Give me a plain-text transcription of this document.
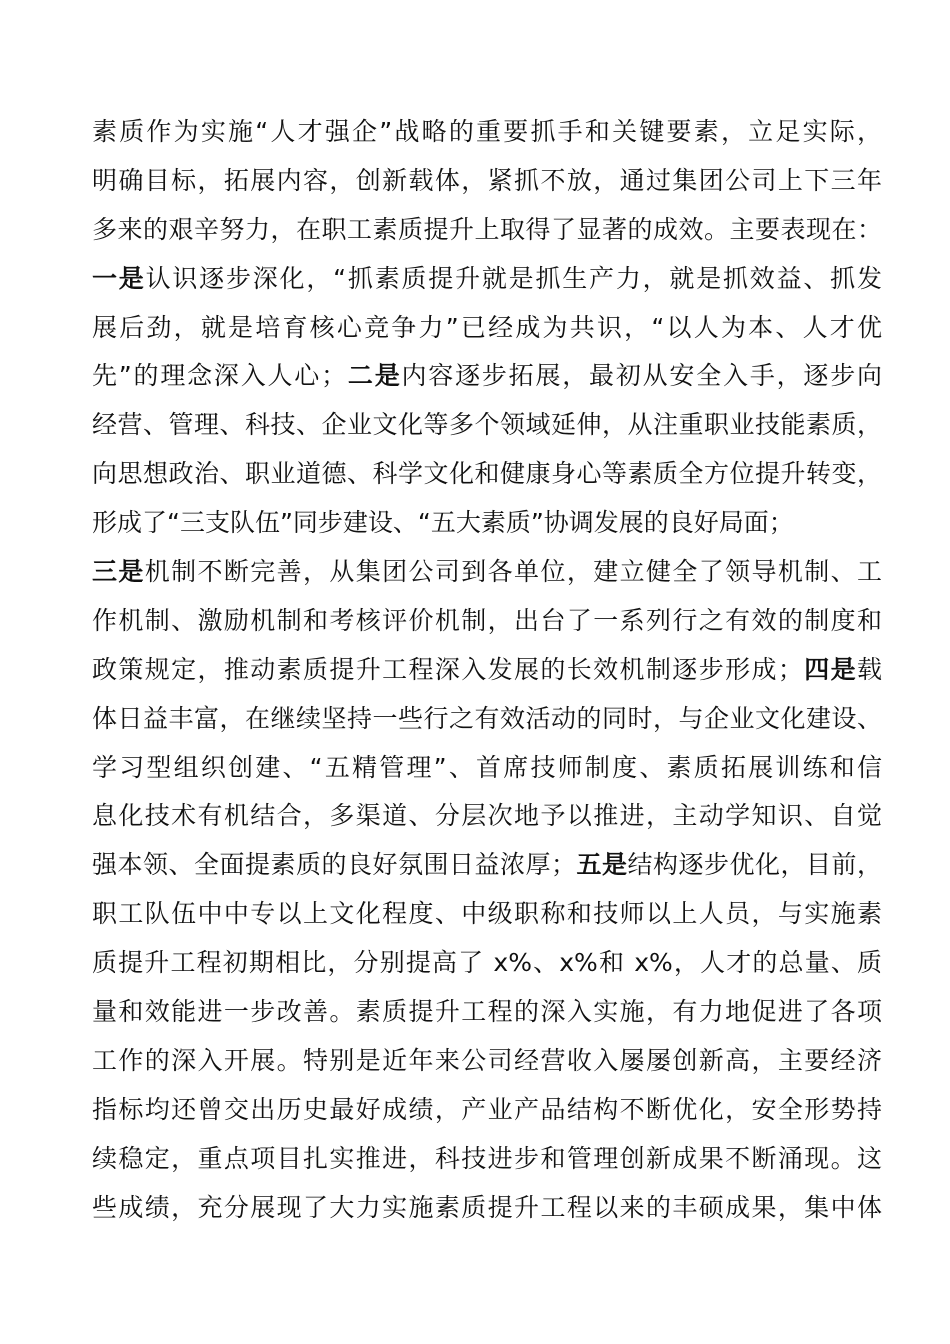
素质作为实施“人才强企”战略的重要抓手和关键要素，立足实际，
明确目标，拓展内容，创新载体，紧抓不放，通过集团公司上下三年
多来的艰辛努力，在职工素质提升上取得了显著的成效。主要表现在：
一是认识逐步深化，“抓素质提升就是抓生产力，就是抓效益、抓发
展后劲，就是培育核心竞争力”已经成为共识，“以人为本、人才优
先”的理念深入人心；二是内容逐步拓展，最初从安全入手，逐步向
经营、管理、科技、企业文化等多个领域延伸，从注重职业技能素质，
向思想政治、职业道德、科学文化和健康身心等素质全方位提升转变，
形成了“三支队伍”同步建设、“五大素质”协调发展的良好局面；
三是机制不断完善，从集团公司到各单位，建立健全了领导机制、工
作机制、激励机制和考核评价机制，出台了一系列行之有效的制度和
政策规定，推动素质提升工程深入发展的长效机制逐步形成；四是载
体日益丰富，在继续坚持一些行之有效活动的同时，与企业文化建设、
学习型组织创建、“五精管理”、首席技师制度、素质拓展训练和信
息化技术有机结合，多渠道、分层次地予以推进，主动学知识、自觉
强本领、全面提素质的良好氛围日益浓厚；五是结构逐步优化，目前，
职工队伍中中专以上文化程度、中级职称和技师以上人员，与实施素
质提升工程初期相比，分别提高了 x%、x%和 x%，人才的总量、质
量和效能进一步改善。素质提升工程的深入实施，有力地促进了各项
工作的深入开展。特别是近年来公司经营收入屡屡创新高，主要经济
指标均还曾交出历史最好成绩，产业产品结构不断优化，安全形势持
续稳定，重点项目扎实推进，科技进步和管理创新成果不断涌现。这
些成绩，充分展现了大力实施素质提升工程以来的丰硕成果，集中体
